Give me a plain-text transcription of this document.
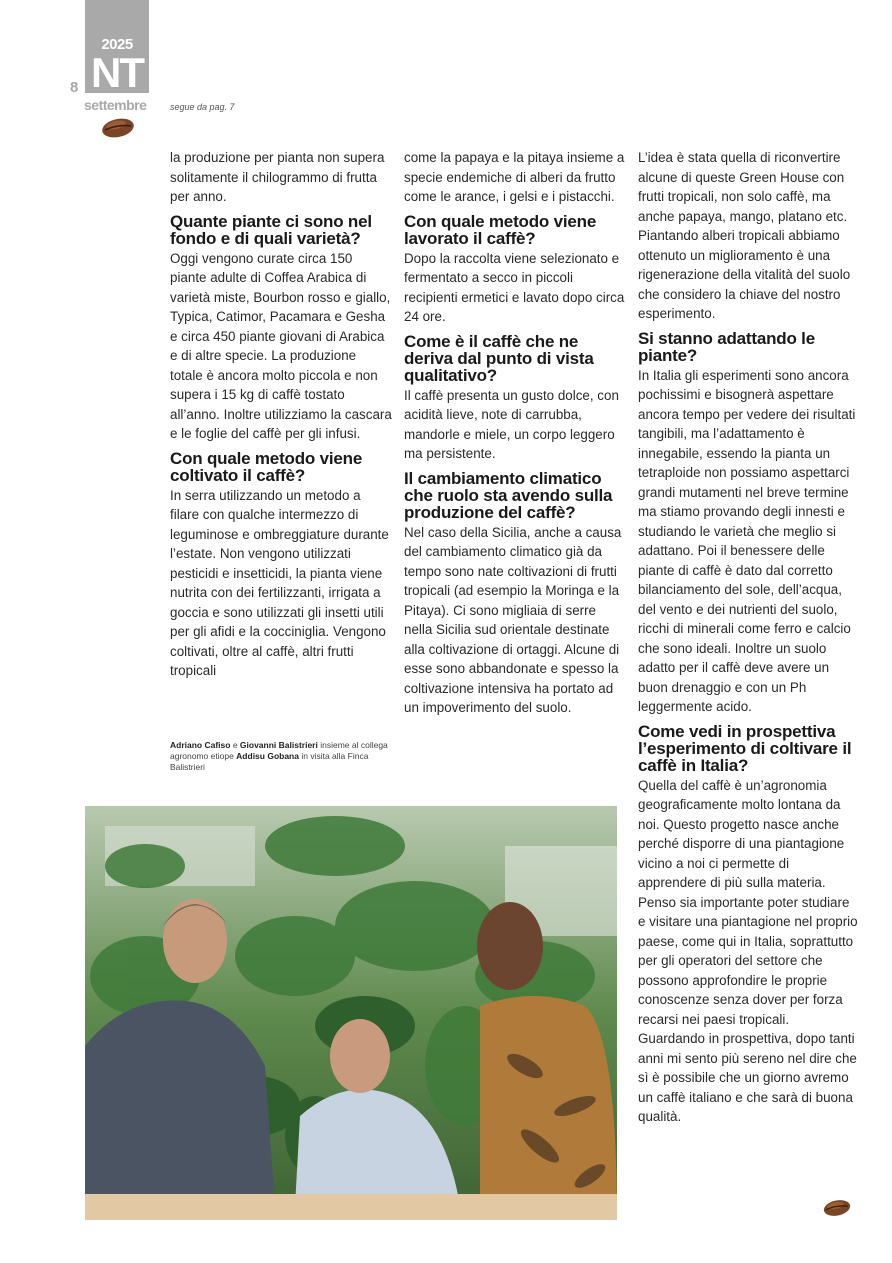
2025
NT
8
settembre	segue da pag. 7

la produzione per pianta non supera solitamente il chilogrammo di frutta per anno.

Quante piante ci sono nel fondo e di quali varietà?

Oggi vengono curate circa 150 piante adulte di Coffea Arabica di varietà miste, Bourbon rosso e giallo, Typica, Catimor, Pacamara e Gesha e circa 450 piante giovani di Arabica e di altre specie. La produzione totale è ancora molto piccola e non supera i 15 kg di caffè tostato all’anno. Inoltre utilizziamo la cascara e le foglie del caffè per gli infusi.

Con quale metodo viene coltivato il caffè?

In serra utilizzando un metodo a filare con qualche intermezzo di leguminose e ombreggiature durante l’estate. Non vengono utilizzati pesticidi e insetticidi, la pianta viene nutrita con dei fertilizzanti, irrigata a goccia e sono utilizzati gli insetti utili per gli afidi e la cocciniglia. Vengono coltivati, oltre al caffè, altri frutti tropicali

Adriano Cafiso e Giovanni Balistrieri insieme al collega agronomo etiope Addisu Gobana in visita alla Finca Balistrieri

come la papaya e la pitaya insieme a specie endemiche di alberi da frutto come le arance, i gelsi e i pistacchi.

Con quale metodo viene lavorato il caffè?

Dopo la raccolta viene selezionato e fermentato a secco in piccoli recipienti ermetici e lavato dopo circa 24 ore.

Come è il caffè che ne deriva dal punto di vista qualitativo?

Il caffè presenta un gusto dolce, con acidità lieve, note di carrubba, mandorle e miele, un corpo leggero ma persistente.

Il cambiamento climatico che ruolo sta avendo sulla produzione del caffè?

Nel caso della Sicilia, anche a causa del cambiamento climatico già da tempo sono nate coltivazioni di frutti tropicali (ad esempio la Moringa e la Pitaya). Ci sono migliaia di serre nella Sicilia sud orientale destinate alla coltivazione di ortaggi. Alcune di esse sono abbandonate e spesso la coltivazione intensiva ha portato ad un impoverimento del suolo.

L’idea è stata quella di riconvertire alcune di queste Green House con frutti tropicali, non solo caffè, ma anche papaya, mango, platano etc. Piantando alberi tropicali abbiamo ottenuto un miglioramento è una rigenerazione della vitalità del suolo che considero la chiave del nostro esperimento.

Si stanno adattando le piante?

In Italia gli esperimenti sono ancora pochissimi e bisognerà aspettare ancora tempo per vedere dei risultati tangibili, ma l’adattamento è innegabile, essendo la pianta un tetraploide non possiamo aspettarci grandi mutamenti nel breve termine ma stiamo provando degli innesti e studiando le varietà che meglio si adattano. Poi il benessere delle piante di caffè è dato dal corretto bilanciamento del sole, dell’acqua, del vento e dei nutrienti del suolo, ricchi di minerali come ferro e calcio che sono ideali. Inoltre un suolo adatto per il caffè deve avere un buon drenaggio e con un Ph leggermente acido.

Come vedi in prospettiva l’esperimento di coltivare il caffè in Italia?

Quella del caffè è un’agronomia geograficamente molto lontana da noi. Questo progetto nasce anche perché disporre di una piantagione vicino a noi ci permette di apprendere di più sulla materia. Penso sia importante poter studiare e visitare una piantagione nel proprio paese, come qui in Italia, soprattutto per gli operatori del settore che possono approfondire le proprie conoscenze senza dover per forza recarsi nei paesi tropicali. Guardando in prospettiva, dopo tanti anni mi sento più sereno nel dire che sì è possibile che un giorno avremo un caffè italiano e che sarà di buona qualità.
